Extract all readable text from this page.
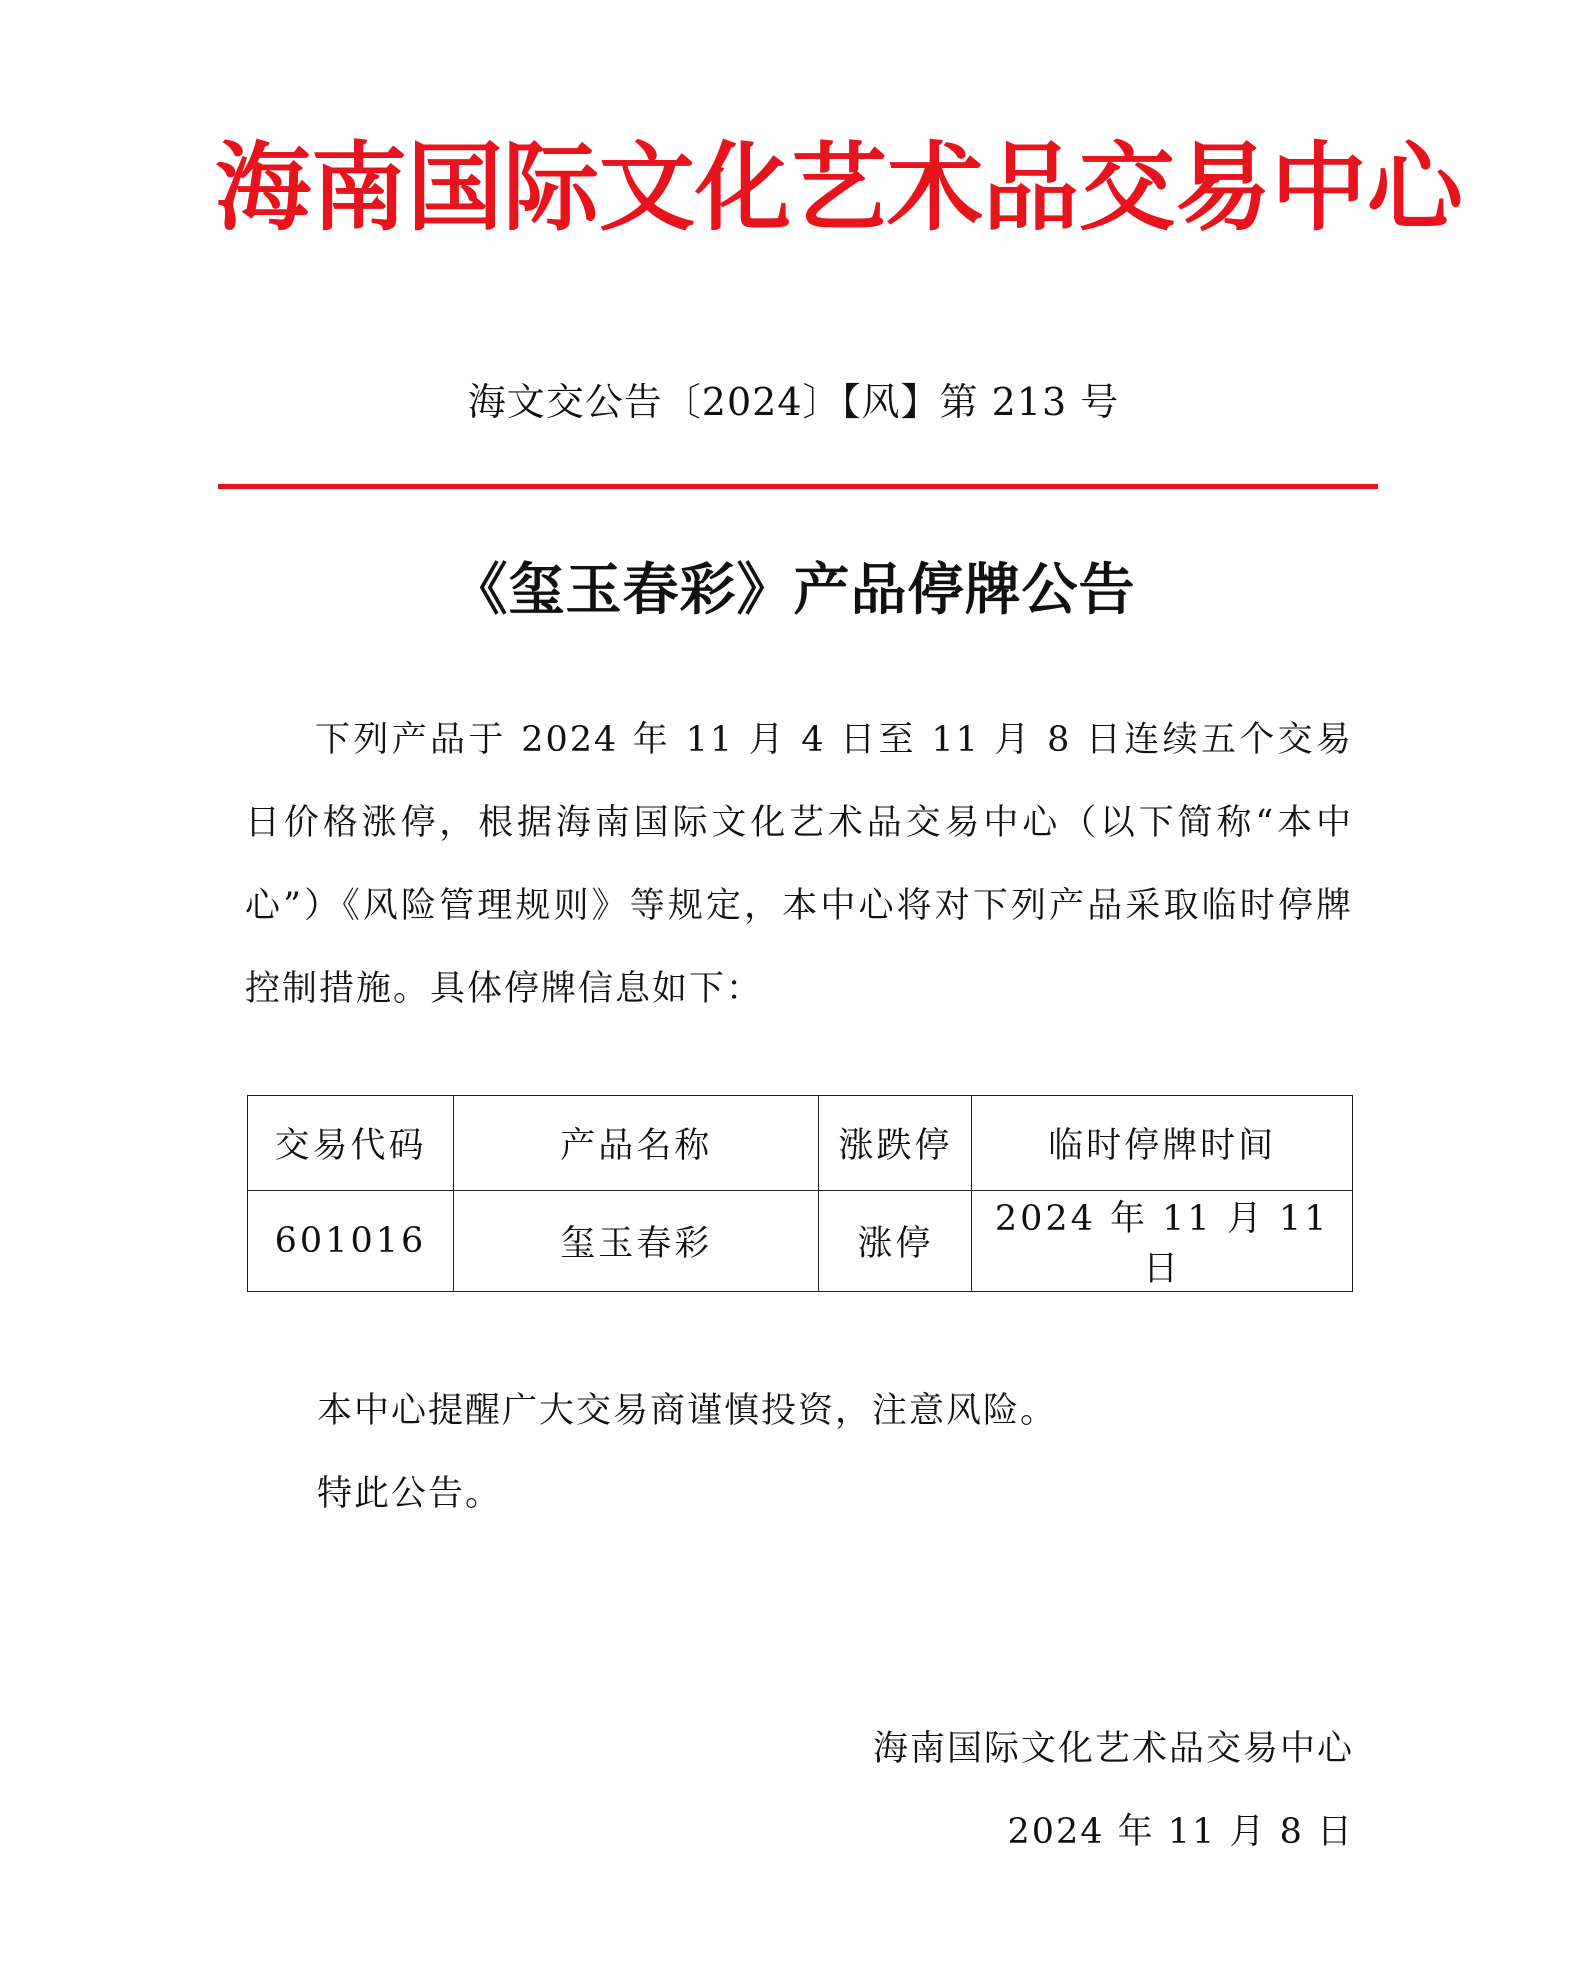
海 南 国 际 文 化 艺 术 品 交 易 中 心
海文交公告〔2024〕【风】第 213 号
《玺玉春彩》产品停牌公告

下列产品于 2024 年 11 月 4 日至 11 月 8 日连续五个交易日价格涨停，根据海南国际文化艺术品交易中心（以下简称“本中心”）《风险管理规则》等规定，本中心将对下列产品采取临时停牌控制措施。具体停牌信息如下：

交易代码	产品名称	涨跌停	临时停牌时间
601016	玺玉春彩	涨停	2024 年 11 月 11 日
本中心提醒广大交易商谨慎投资，注意风险。
特此公告。
海南国际文化艺术品交易中心
2024 年 11 月 8 日
